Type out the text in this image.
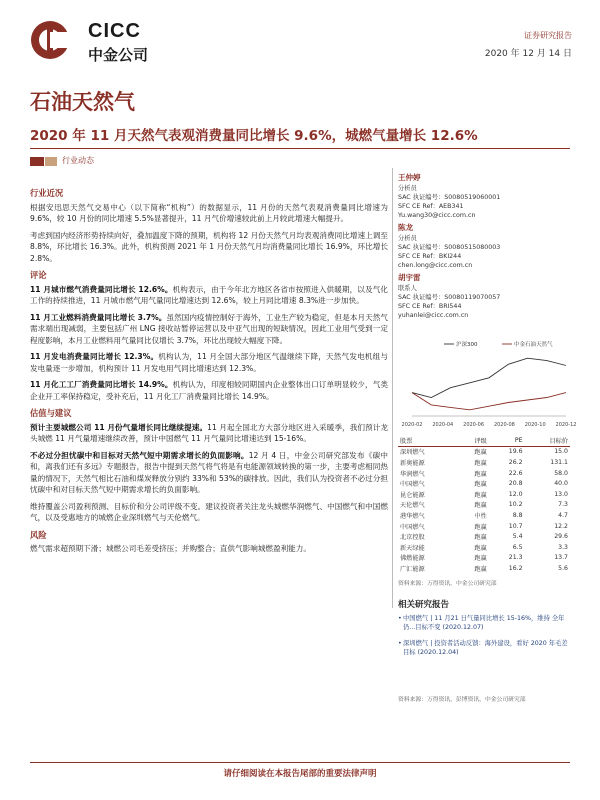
CICC
中金公司
证券研究报告
2020 年 12 月 14 日
石油天然气
2020 年 11 月天然气表观消费量同比增长 9.6%，城燃气量增长 12.6%
行业动态
行业近况

根据安迅思天然气交易中心（以下简称“机构”）的数据显示，11 月份的天然气表观消费量同比增速为 9.6%，较 10 月份的同比增速 5.5%显著提升，11 月气价增速较此前上月较此增速大幅提升。

考虑到国内经济形势持续向好，叠加温度下降的预期，机构将 12 月份天然气月均表观消费同比增速上调至 8.8%，环比增长 16.3%。此外，机构预测 2021 年 1 月份天然气月均消费量同比增长 16.9%，环比增长 2.8%。

评论

11 月城市燃气消费量同比增长 12.6%。机构表示，由于今年北方地区各省市按照进入供暖期，以及气化工作的持续推进，11 月城市燃气用气量同比增速达到 12.6%，较上月同比增速 8.3%进一步加快。

11 月工业燃料消费量同比增长 3.7%。虽然国内疫情控制好于海外，工业生产较为稳定，但是本月天然气需求端出现减弱，主要包括广州 LNG 接收站暂停运营以及中亚气出现的短缺情况，因此工业用气受到一定程度影响，本月工业燃料用气量同比仅增长 3.7%，环比出现较大幅度下降。

11 月发电消费量同比增长 12.3%。机构认为，11 月全国大部分地区气温继续下降，天然气发电机组与发电量逐一步增加，机构预计 11 月发电用气同比增速达到 12.3%。

11 月化工工厂消费量同比增长 14.9%。机构认为，印度相较同期国内企业整体出口订单明显较少，气类企业开工率保持稳定，受补充后，11 月化工厂消费量同比增长 14.9%。

估值与建议

预计主要城燃公司 11 月份气量增长同比继续提速。11 月起全国北方大部分地区进入采暖季，我们预计龙头城燃 11 月气量增速继续改善，预计中国燃气 11 月气量同比增速达到 15-16%。

不必过分担忧碳中和目标对天然气短中期需求增长的负面影响。12 月 4 日，中金公司研究部发布《碳中和，离我们还有多远》专题报告，报告中提到天然气将气将是有电能源领域转换的第一步，主要考虑相同热量的情况下，天然气相比石油和煤炭释放分别约 33%和 53%的碳排放。因此，我们认为投资者不必过分担忧碳中和对目标天然气短中期需求增长的负面影响。

维持覆盖公司盈利预测、目标价和分公司评级不变。建议投资者关注龙头城燃华润燃气、中国燃气和中国燃气，以及受惠地方的城燃企业深圳燃气与天伦燃气。

风险

燃气需求超预期下滑；城燃公司毛差受挤压；并购整合；直供气影响城燃盈利能力。

王仲婷
分析员
SAC 执证编号：S0080519060001
SFC CE Ref：AEB341
Yu.wang30@cicc.com.cn
陈龙
分析员
SAC 执证编号：S0080515080003
SFC CE Ref：BKI244
chen.long@cicc.com.cn
胡宇雷
联系人
SAC 执证编号：S0080119070057
SFC CE Ref：BRI544
yuhanlei@cicc.com.cn
沪深300	中金石油天然气
2020-02 2020-04 2020-06 2020-08 2020-10 2020-12
股票	评级	PE	目标价
深圳燃气	跑赢	19.6	15.0
新奥能源	跑赢	26.2	131.1
华润燃气	跑赢	22.6	58.0
中国燃气	跑赢	20.8	40.0
昆仑能源	跑赢	12.0	13.0
天伦燃气	跑赢	10.2	7.3
港华燃气	中性	8.8	4.7
中国燃气	跑赢	10.7	12.2
北京控股	跑赢	5.4	29.6
新天绿能	跑赢	6.5	3.3
佛燃能源	跑赢	21.3	13.7
广汇能源	跑赢	16.2	5.6
资料来源：万得资讯，中金公司研究部
相关研究报告
• 中国燃气 | 11 月21 日气量同比增长 15-16%，维持 全年仍...目标不变 (2020.12.07)
• 深圳燃气 | 投资者活动反馈：海外建设，看好 2020 年毛差目标 (2020.12.04)
资料来源：万得资讯，彭博资讯，中金公司研究部
请仔细阅读在本报告尾部的重要法律声明
